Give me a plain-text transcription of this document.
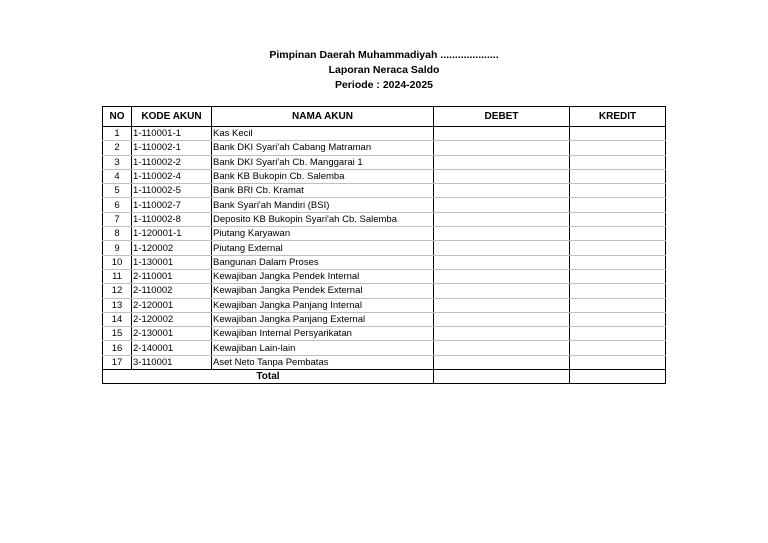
Pimpinan Daerah Muhammadiyah ....................
Laporan Neraca Saldo
Periode : 2024-2025
NO	KODE AKUN	NAMA AKUN	DEBET	KREDIT
1	1-110001-1	Kas Kecil		
2	1-110002-1	Bank DKI Syari'ah Cabang Matraman		
3	1-110002-2	Bank DKI Syari'ah Cb. Manggarai 1		
4	1-110002-4	Bank KB Bukopin Cb. Salemba		
5	1-110002-5	Bank BRI Cb. Kramat		
6	1-110002-7	Bank Syari'ah Mandiri (BSI)		
7	1-110002-8	Deposito KB Bukopin Syari'ah Cb. Salemba		
8	1-120001-1	Piutang Karyawan		
9	1-120002	Piutang External		
10	1-130001	Bangunan Dalam Proses		
11	2-110001	Kewajiban Jangka Pendek Internal		
12	2-110002	Kewajiban Jangka Pendek External		
13	2-120001	Kewajiban Jangka Panjang Internal		
14	2-120002	Kewajiban Jangka Panjang External		
15	2-130001	Kewajiban Internal Persyarikatan		
16	2-140001	Kewajiban Lain-lain		
17	3-110001	Aset Neto Tanpa Pembatas		
Total				
